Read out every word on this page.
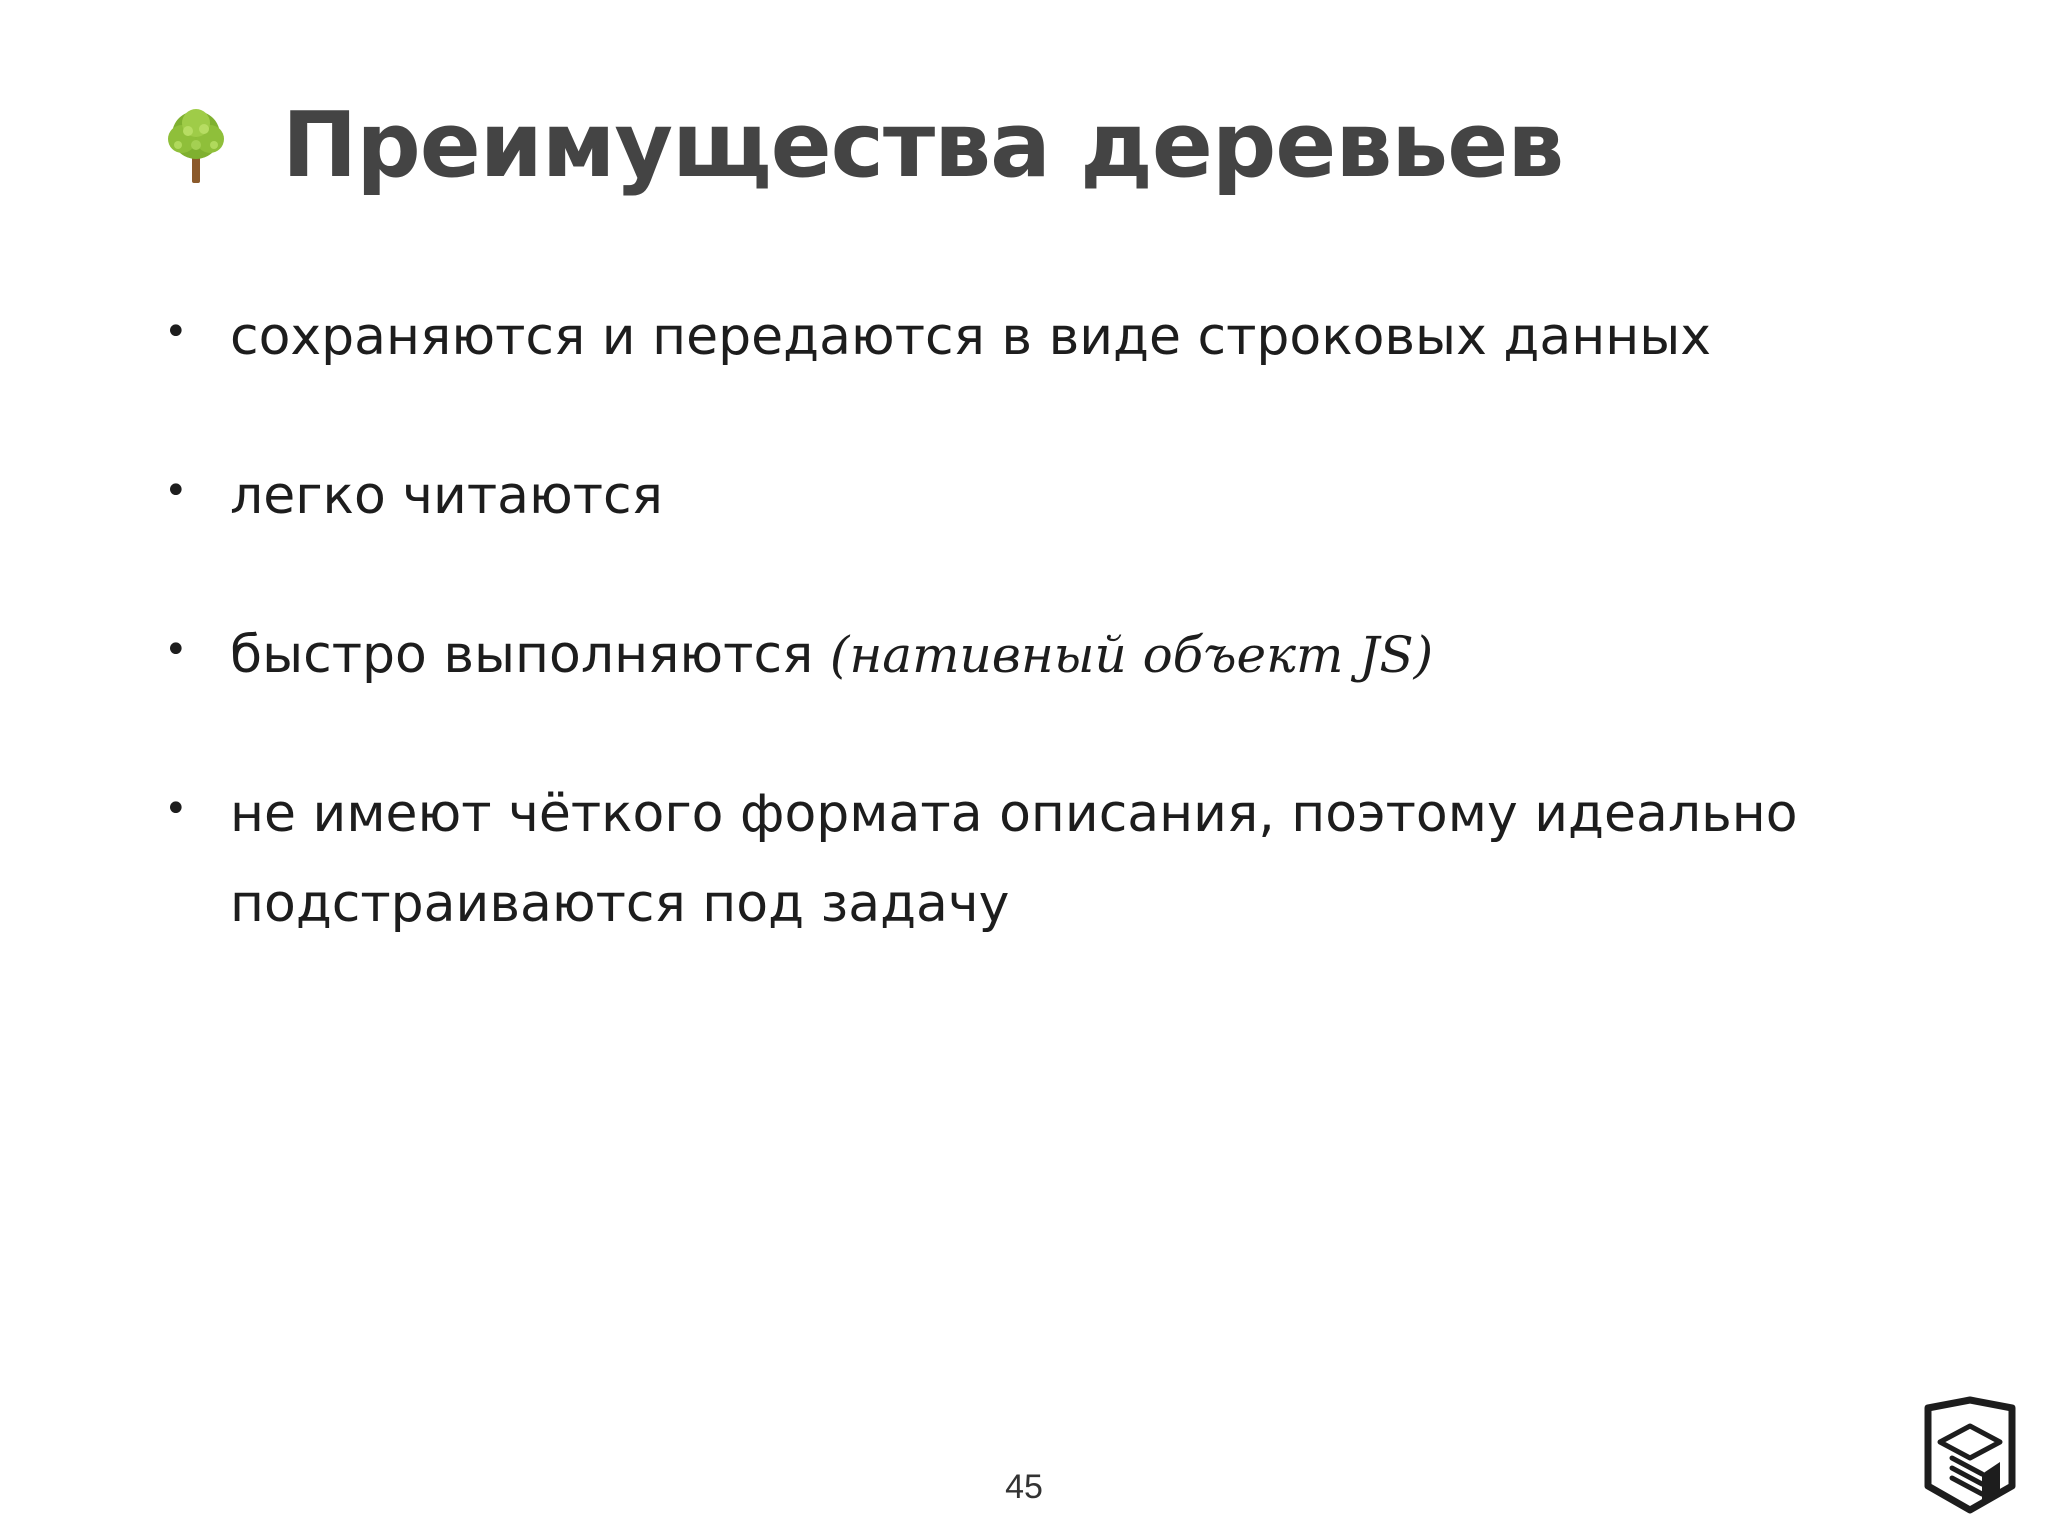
Преимущества деревьев
• сохраняются и передаются в виде строковых данных
• легко читаются
• быстро выполняются (нативный объект JS)
• не имеют чёткого формата описания, поэтому идеально подстраиваются под задачу
45
